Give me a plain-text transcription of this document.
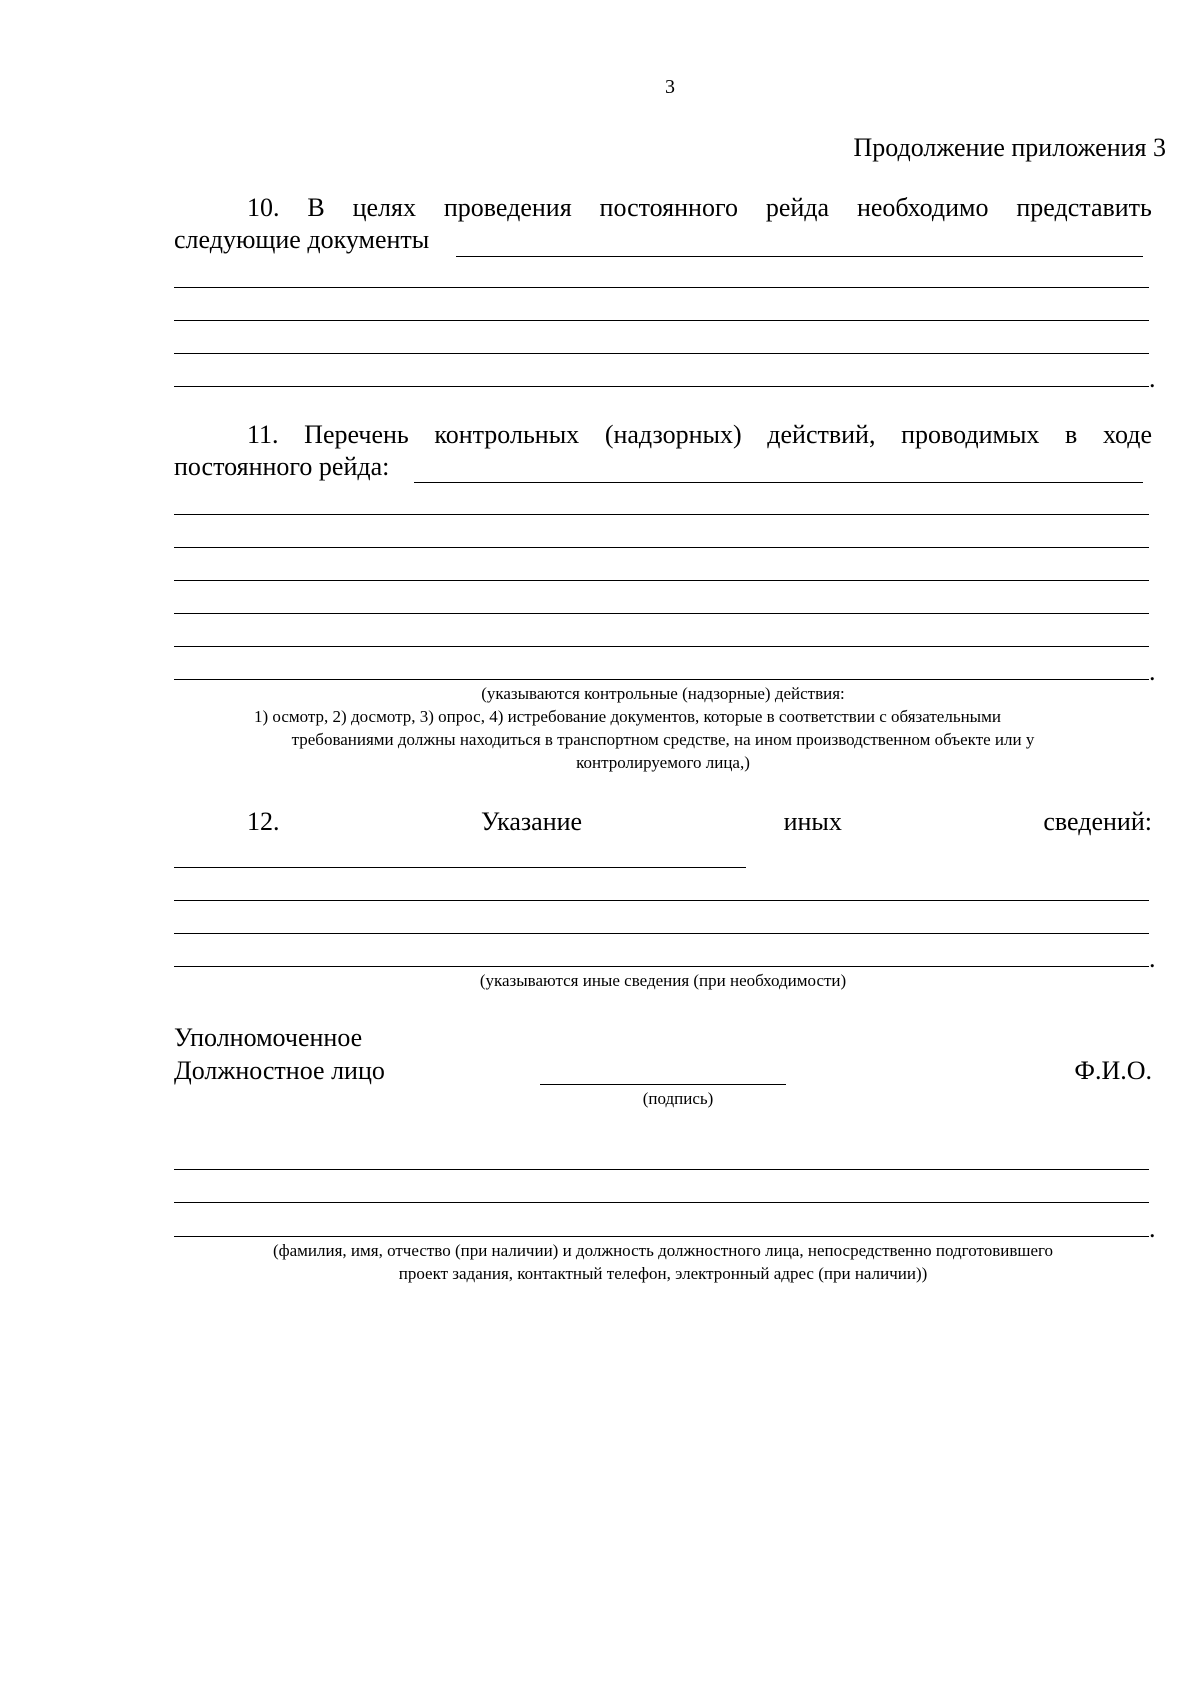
3
Продолжение приложения 3
10. В целях проведения постоянного рейда необходимо представить
следующие документы
.
11. Перечень контрольных (надзорных) действий, проводимых в ходе
постоянного рейда:
.
(указываются контрольные (надзорные) действия:
1) осмотр, 2) досмотр, 3) опрос, 4) истребование документов, которые в соответствии с обязательными
требованиями должны находиться в транспортном средстве, на ином производственном объекте или у
контролируемого лица,)
12.	Указание	иных	сведений:
.
(указываются иные сведения (при необходимости)
Уполномоченное
Должностное лицо
(подпись)
Ф.И.О.
.
(фамилия, имя, отчество (при наличии) и должность должностного лица, непосредственно подготовившего
проект задания, контактный телефон, электронный адрес (при наличии))
